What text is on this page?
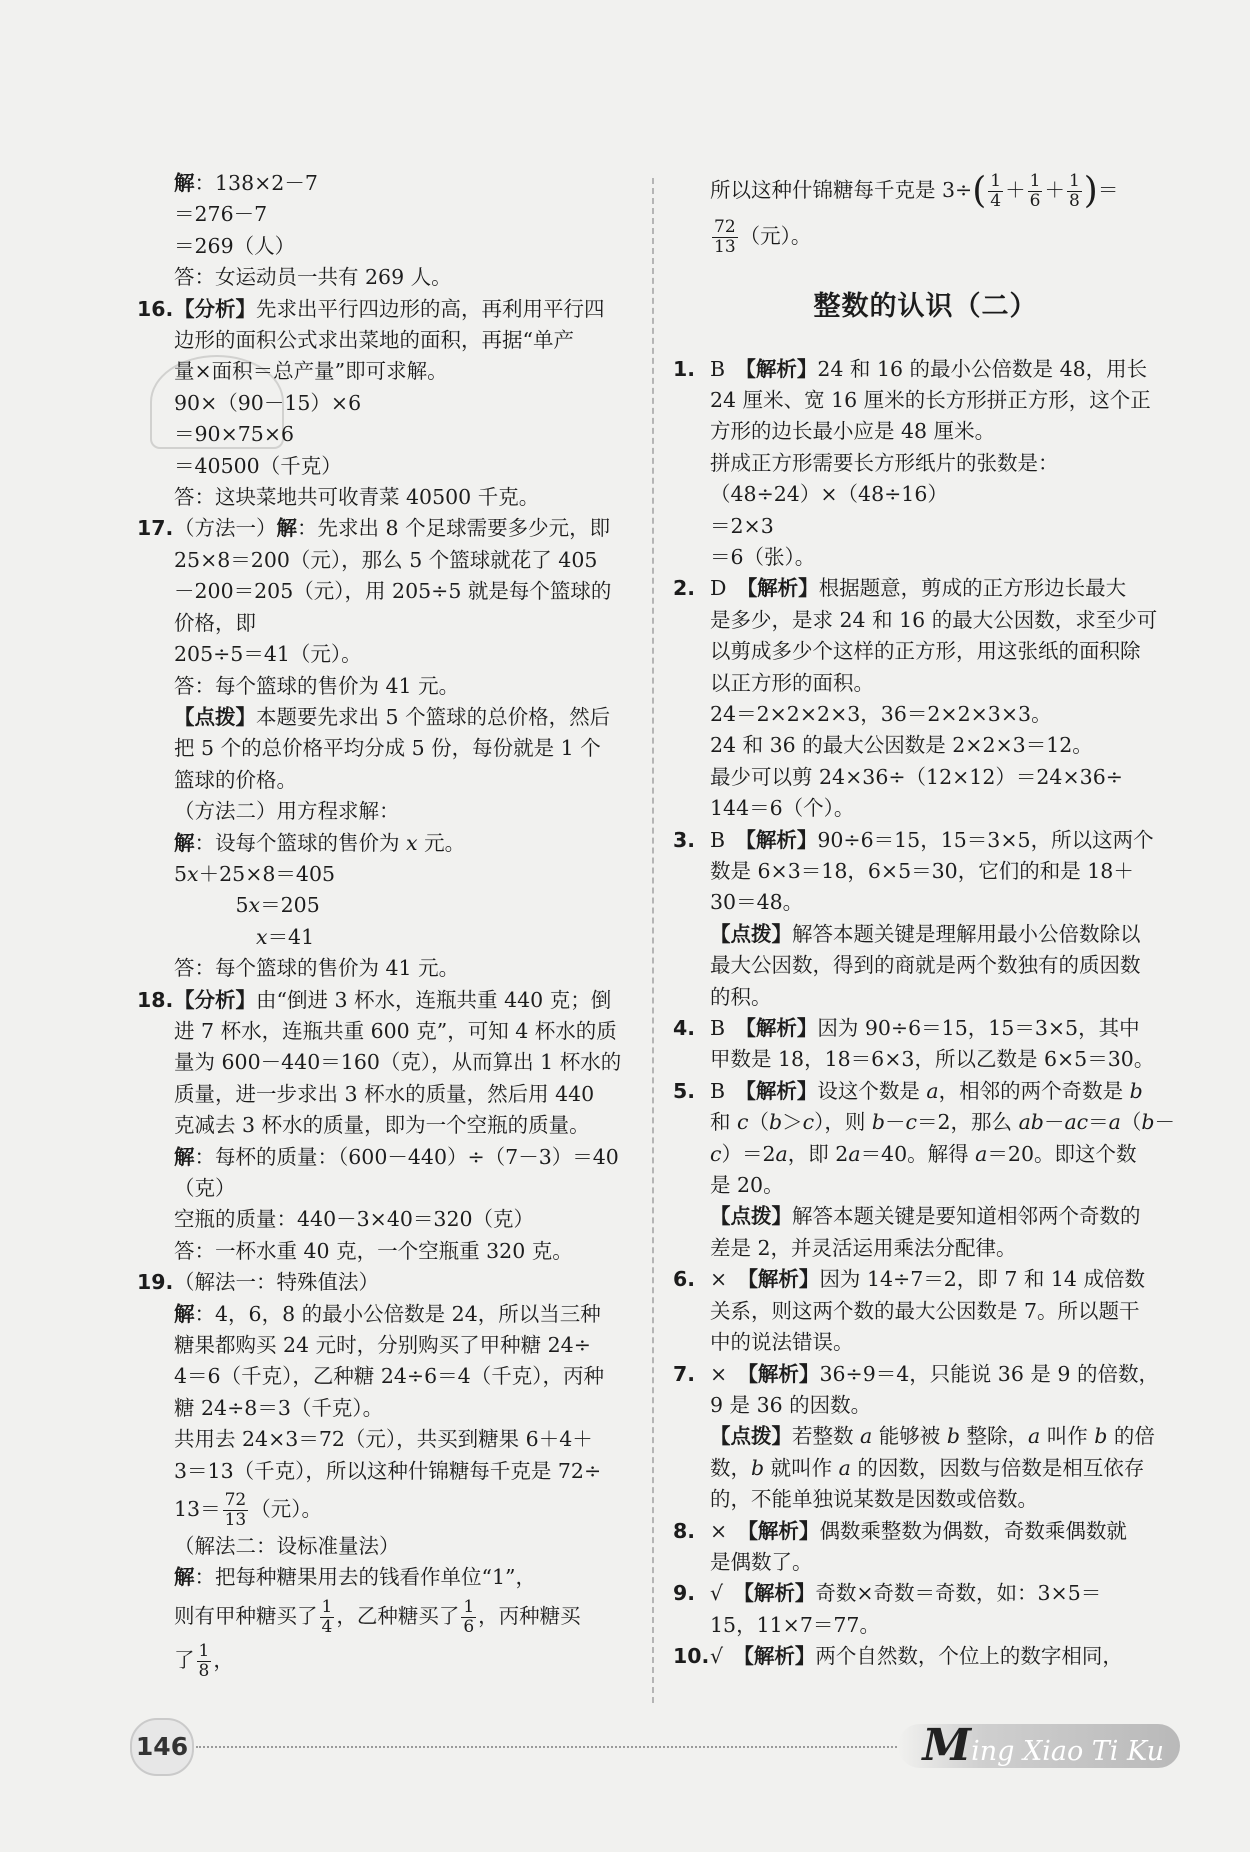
解：138×2－7
＝276－7
＝269（人）
答：女运动员一共有 269 人。
16.【分析】先求出平行四边形的高，再利用平行四
边形的面积公式求出菜地的面积，再据“单产
量×面积＝总产量”即可求解。
90×（90－15）×6
＝90×75×6
＝40500（千克）
答：这块菜地共可收青菜 40500 千克。
17.（方法一）解：先求出 8 个足球需要多少元，即
25×8＝200（元），那么 5 个篮球就花了 405
－200＝205（元），用 205÷5 就是每个篮球的
价格，即
205÷5＝41（元）。
答：每个篮球的售价为 41 元。
【点拨】本题要先求出 5 个篮球的总价格，然后
把 5 个的总价格平均分成 5 份，每份就是 1 个
篮球的价格。
（方法二）用方程求解：
解：设每个篮球的售价为 x 元。
5x＋25×8＝405
　　　5x＝205
　　　　x＝41
答：每个篮球的售价为 41 元。
18.【分析】由“倒进 3 杯水，连瓶共重 440 克；倒
进 7 杯水，连瓶共重 600 克”，可知 4 杯水的质
量为 600－440＝160（克），从而算出 1 杯水的
质量，进一步求出 3 杯水的质量，然后用 440
克减去 3 杯水的质量，即为一个空瓶的质量。
解：每杯的质量：（600－440）÷（7－3）＝40
（克）
空瓶的质量：440－3×40＝320（克）
答：一杯水重 40 克，一个空瓶重 320 克。
19.（解法一：特殊值法）
解：4，6，8 的最小公倍数是 24，所以当三种
糖果都购买 24 元时，分别购买了甲种糖 24÷
4＝6（千克），乙种糖 24÷6＝4（千克），丙种
糖 24÷8＝3（千克）。
共用去 24×3＝72（元），共买到糖果 6＋4＋
3＝13（千克），所以这种什锦糖每千克是 72÷
$13= \frac{72}{13}$ （元）。
（解法二：设标准量法）
解：把每种糖果用去的钱看作单位“1”，
则有甲种糖买了 $\frac{1}{4}$ ，乙种糖买了 $\frac{1}{6}$ ，丙种糖买
了 $\frac{1}{8}$ ，
所以这种什锦糖每千克是 $3\div( \frac{1}{4} + \frac{1}{6} + \frac{1}{8}$ )＝
$\frac{72}{13}$ （元）。
整数的认识（二）
1. B　【解析】24 和 16 的最小公倍数是 48，用长
24 厘米、宽 16 厘米的长方形拼正方形，这个正
方形的边长最小应是 48 厘米。
拼成正方形需要长方形纸片的张数是：
（48÷24）×（48÷16）
＝2×3
＝6（张）。
2. D　【解析】根据题意，剪成的正方形边长最大
是多少，是求 24 和 16 的最大公因数，求至少可
以剪成多少个这样的正方形，用这张纸的面积除
以正方形的面积。
24＝2×2×2×3，36＝2×2×3×3。
24 和 36 的最大公因数是 2×2×3＝12。
最少可以剪 24×36÷（12×12）＝24×36÷
144＝6（个）。
3. B　【解析】90÷6＝15，15＝3×5，所以这两个
数是 6×3＝18，6×5＝30，它们的和是 18＋
30＝48。
【点拨】解答本题关键是理解用最小公倍数除以
最大公因数，得到的商就是两个数独有的质因数
的积。
4. B　【解析】因为 90÷6＝15，15＝3×5，其中
甲数是 18，18＝6×3，所以乙数是 6×5＝30。
5. B　【解析】设这个数是 a，相邻的两个奇数是 b
和 c（b＞c），则 b－c＝2，那么 ab－ac＝a（b－
c）＝2a，即 2a＝40。解得 a＝20。即这个数
是 20。
【点拨】解答本题关键是要知道相邻两个奇数的
差是 2，并灵活运用乘法分配律。
6. ×　【解析】因为 14÷7＝2，即 7 和 14 成倍数
关系，则这两个数的最大公因数是 7。所以题干
中的说法错误。
7. ×　【解析】36÷9＝4，只能说 36 是 9 的倍数，
9 是 36 的因数。
【点拨】若整数 a 能够被 b 整除，a 叫作 b 的倍
数，b 就叫作 a 的因数，因数与倍数是相互依存
的，不能单独说某数是因数或倍数。
8. ×　【解析】偶数乘整数为偶数，奇数乘偶数就
是偶数了。
9. √　【解析】奇数×奇数＝奇数，如：3×5＝
15，11×7＝77。
10.√　【解析】两个自然数，个位上的数字相同，
146	Ming Xiao Ti Ku
